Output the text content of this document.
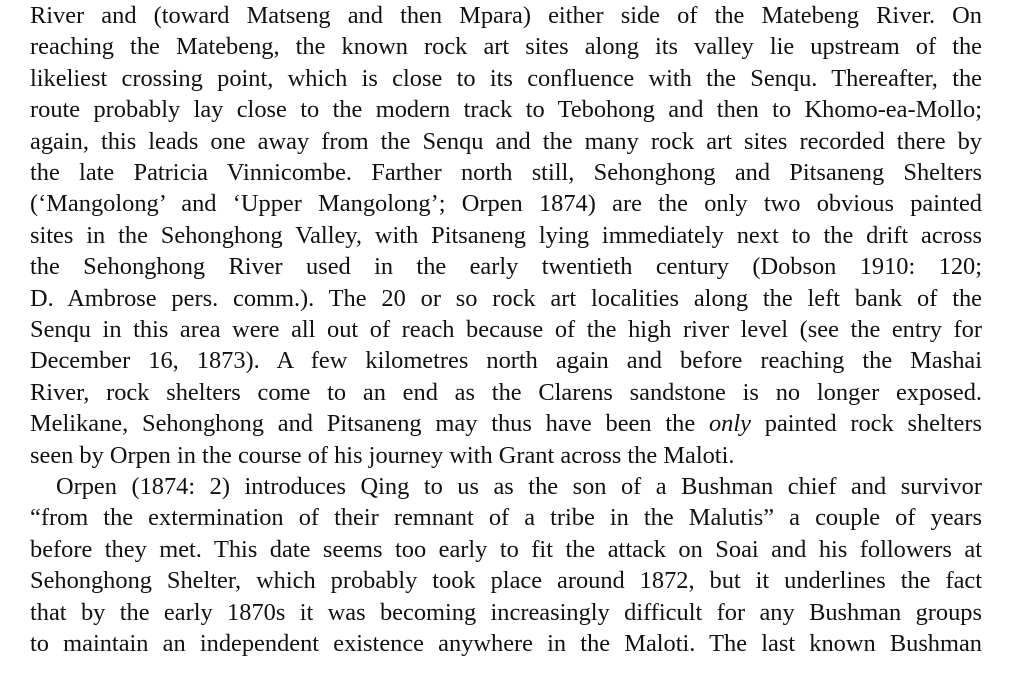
River and (toward Matseng and then Mpara) either side of the Matebeng River. On
reaching the Matebeng, the known rock art sites along its valley lie upstream of the
likeliest crossing point, which is close to its confluence with the Senqu. Thereafter, the
route probably lay close to the modern track to Tebohong and then to Khomo-ea-Mollo;
again, this leads one away from the Senqu and the many rock art sites recorded there by
the late Patricia Vinnicombe. Farther north still, Sehonghong and Pitsaneng Shelters
(‘Mangolong’ and ‘Upper Mangolong’; Orpen 1874) are the only two obvious painted
sites in the Sehonghong Valley, with Pitsaneng lying immediately next to the drift across
the Sehonghong River used in the early twentieth century (Dobson 1910: 120;
D. Ambrose pers. comm.). The 20 or so rock art localities along the left bank of the
Senqu in this area were all out of reach because of the high river level (see the entry for
December 16, 1873). A few kilometres north again and before reaching the Mashai
River, rock shelters come to an end as the Clarens sandstone is no longer exposed.
Melikane, Sehonghong and Pitsaneng may thus have been the only painted rock shelters
seen by Orpen in the course of his journey with Grant across the Maloti.
Orpen (1874: 2) introduces Qing to us as the son of a Bushman chief and survivor
“from the extermination of their remnant of a tribe in the Malutis” a couple of years
before they met. This date seems too early to fit the attack on Soai and his followers at
Sehonghong Shelter, which probably took place around 1872, but it underlines the fact
that by the early 1870s it was becoming increasingly difficult for any Bushman groups
to maintain an independent existence anywhere in the Maloti. The last known Bushman
